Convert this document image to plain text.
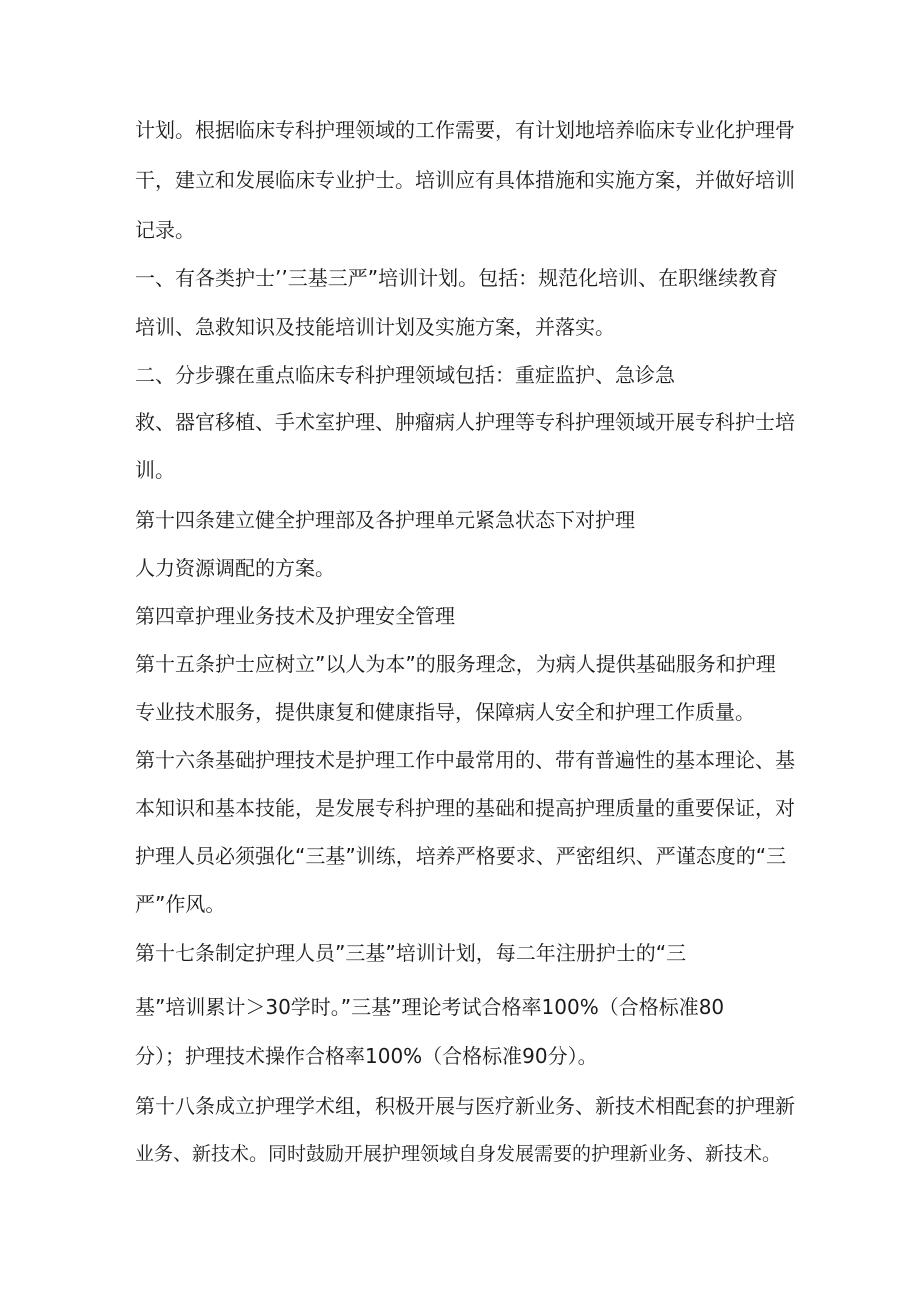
计划。根据临床专科护理领域的工作需要，有计划地培养临床专业化护理骨
干，建立和发展临床专业护士。培训应有具体措施和实施方案，并做好培训
记录。
一、有各类护士’’三基三严”培训计划。包括：规范化培训、在职继续教育
培训、急救知识及技能培训计划及实施方案，并落实。
二、分步骤在重点临床专科护理领域包括：重症监护、急诊急
救、器官移植、手术室护理、肿瘤病人护理等专科护理领域开展专科护士培
训。
第十四条建立健全护理部及各护理单元紧急状态下对护理
人力资源调配的方案。
第四章护理业务技术及护理安全管理
第十五条护士应树立”以人为本”的服务理念，为病人提供基础服务和护理
专业技术服务，提供康复和健康指导，保障病人安全和护理工作质量。
第十六条基础护理技术是护理工作中最常用的、带有普遍性的基本理论、基
本知识和基本技能，是发展专科护理的基础和提高护理质量的重要保证，对
护理人员必须强化“三基”训练，培养严格要求、严密组织、严谨态度的“三
严”作风。
第十七条制定护理人员”三基”培训计划，每二年注册护士的“三
基”培训累计＞30学时。”三基”理论考试合格率100%（合格标准80
分）；护理技术操作合格率100%（合格标准90分）。
第十八条成立护理学术组，积极开展与医疗新业务、新技术相配套的护理新
业务、新技术。同时鼓励开展护理领域自身发展需要的护理新业务、新技术。
